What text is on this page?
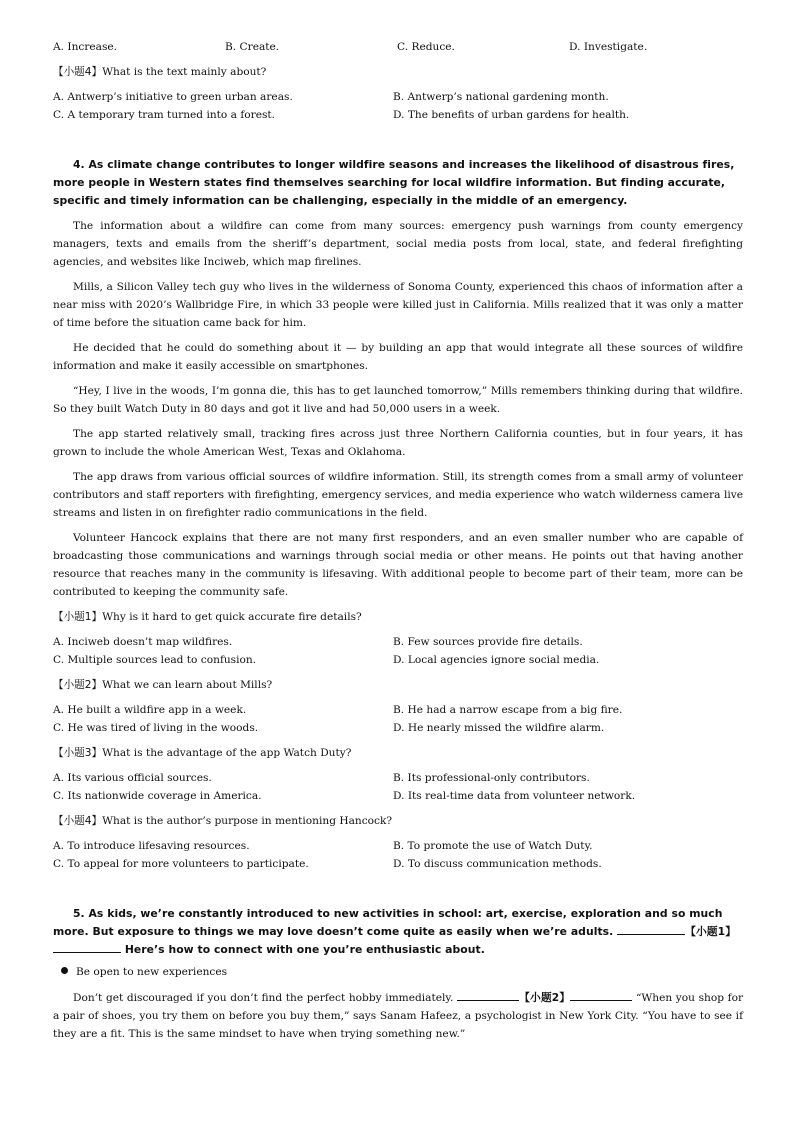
A. Increase.	B. Create.	C. Reduce.	D. Investigate.
【小题4】What is the text mainly about?
A. Antwerp’s initiative to green urban areas.	B. Antwerp’s national gardening month.
C. A temporary tram turned into a forest.	D. The benefits of urban gardens for health.

4. As climate change contributes to longer wildfire seasons and increases the likelihood of disastrous fires, more people in Western states find themselves searching for local wildfire information. But finding accurate, specific and timely information can be challenging, especially in the middle of an emergency.

The information about a wildfire can come from many sources: emergency push warnings from county emergency managers, texts and emails from the sheriff’s department, social media posts from local, state, and federal firefighting agencies, and websites like Inciweb, which map firelines.

Mills, a Silicon Valley tech guy who lives in the wilderness of Sonoma County, experienced this chaos of information after a near miss with 2020’s Wallbridge Fire, in which 33 people were killed just in California. Mills realized that it was only a matter of time before the situation came back for him.

He decided that he could do something about it — by building an app that would integrate all these sources of wildfire information and make it easily accessible on smartphones.

“Hey, I live in the woods, I’m gonna die, this has to get launched tomorrow,” Mills remembers thinking during that wildfire. So they built Watch Duty in 80 days and got it live and had 50,000 users in a week.

The app started relatively small, tracking fires across just three Northern California counties, but in four years, it has grown to include the whole American West, Texas and Oklahoma.

The app draws from various official sources of wildfire information. Still, its strength comes from a small army of volunteer contributors and staff reporters with firefighting, emergency services, and media experience who watch wilderness camera live streams and listen in on firefighter radio communications in the field.

Volunteer Hancock explains that there are not many first responders, and an even smaller number who are capable of broadcasting those communications and warnings through social media or other means. He points out that having another resource that reaches many in the community is lifesaving. With additional people to become part of their team, more can be contributed to keeping the community safe.

【小题1】Why is it hard to get quick accurate fire details?
A. Inciweb doesn’t map wildfires.	B. Few sources provide fire details.
C. Multiple sources lead to confusion.	D. Local agencies ignore social media.
【小题2】What we can learn about Mills?
A. He built a wildfire app in a week.	B. He had a narrow escape from a big fire.
C. He was tired of living in the woods.	D. He nearly missed the wildfire alarm.
【小题3】What is the advantage of the app Watch Duty?
A. Its various official sources.	B. Its professional-only contributors.
C. Its nationwide coverage in America.	D. Its real-time data from volunteer network.
【小题4】What is the author’s purpose in mentioning Hancock?
A. To introduce lifesaving resources.	B. To promote the use of Watch Duty.
C. To appeal for more volunteers to participate.	D. To discuss communication methods.

5. As kids, we’re constantly introduced to new activities in school: art, exercise, exploration and so much more. But exposure to things we may love doesn’t come quite as easily when we’re adults.	【小题1】 Here’s how to connect with one you’re enthusiastic about.

Be open to new experiences

Don’t get discouraged if you don’t find the perfect hobby immediately.	【小题2】	“When you shop for a pair of shoes, you try them on before you buy them,” says Sanam Hafeez, a psychologist in New York City. “You have to see if they are a fit. This is the same mindset to have when trying something new.”
